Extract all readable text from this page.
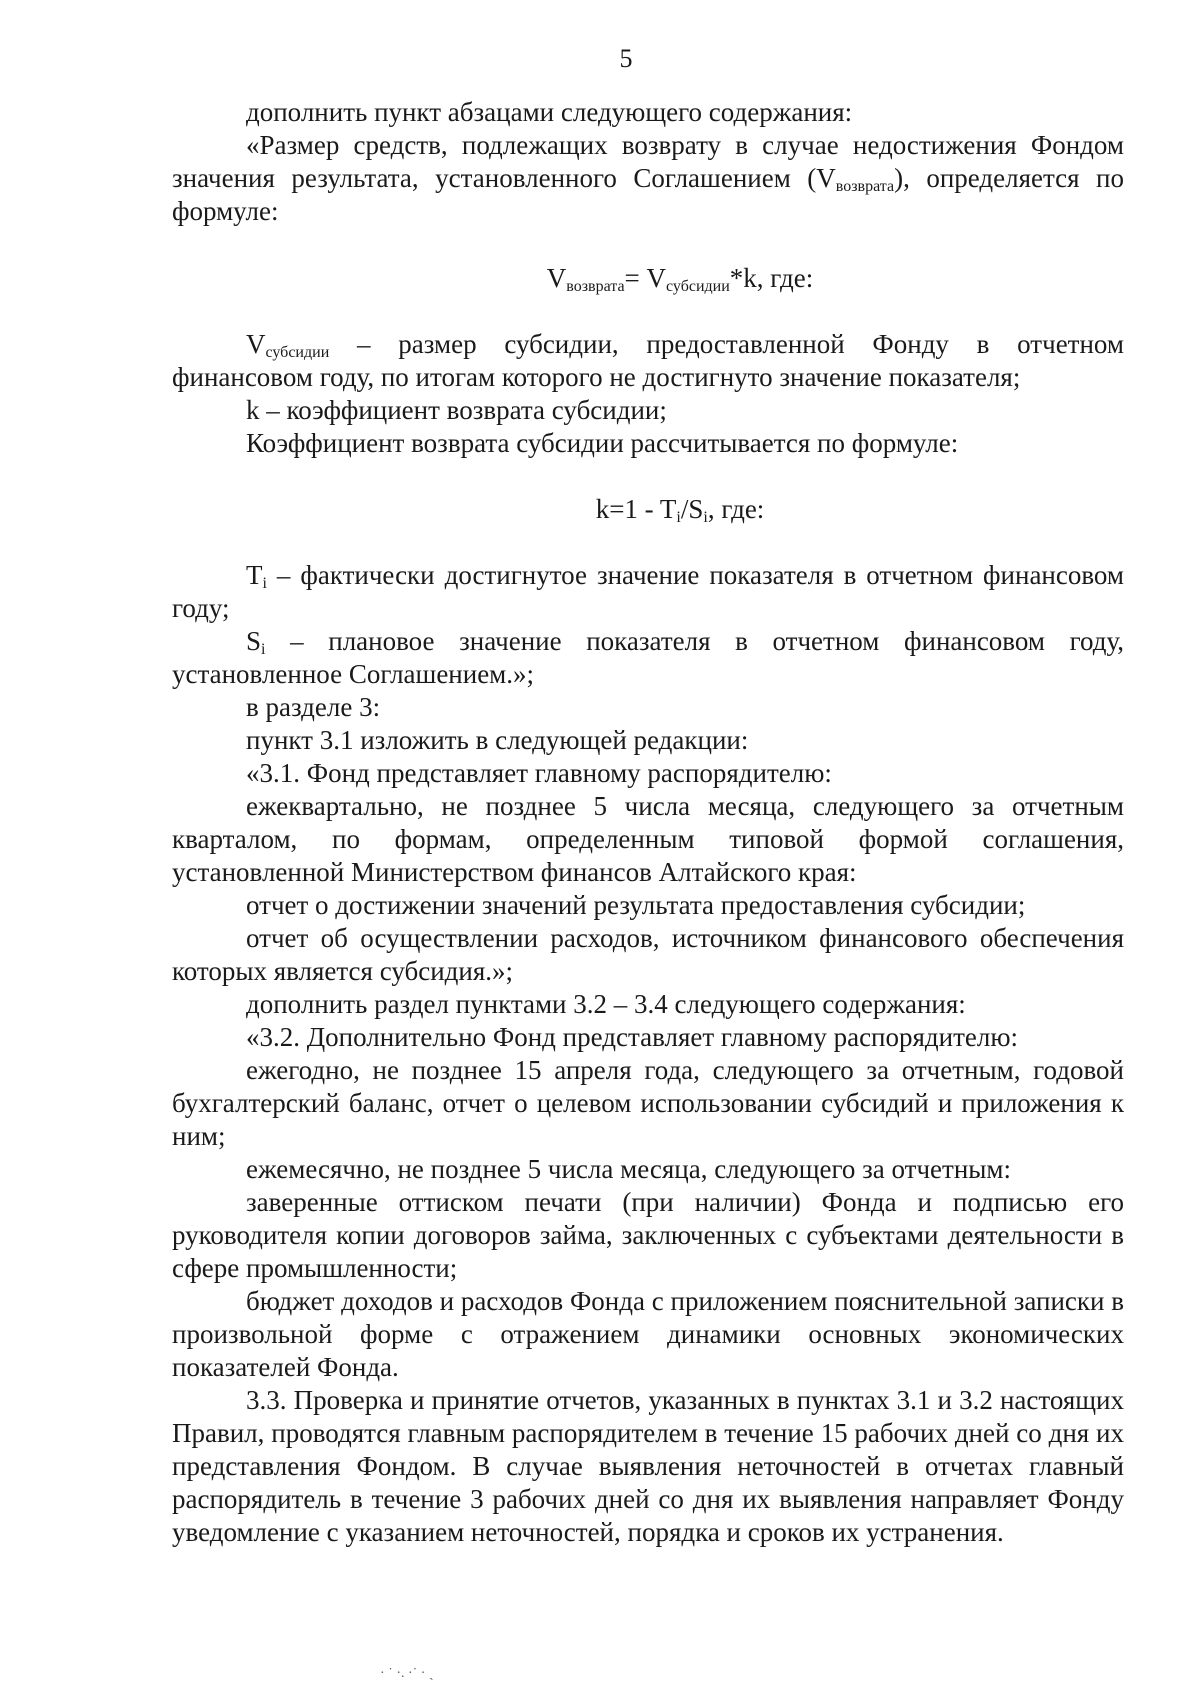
5

дополнить пункт абзацами следующего содержания:

«Размер средств, подлежащих возврату в случае недостижения Фондом значения результата, установленного Соглашением $(V_{возврата})$, определяется по формуле:

$V_{возврата}= V_{субсидии}*k$, где:

$V_{субсидии}$ – размер субсидии, предоставленной Фонду в отчетном финансовом году, по итогам которого не достигнуто значение показателя;

k – коэффициент возврата субсидии;

Коэффициент возврата субсидии рассчитывается по формуле:

$k=1 - T_i/S_i$, где:

$T_i$ – фактически достигнутое значение показателя в отчетном финансовом году;

$S_i$ – плановое значение показателя в отчетном финансовом году, установленное Соглашением.»;

в разделе 3:

пункт 3.1 изложить в следующей редакции:

«3.1. Фонд представляет главному распорядителю:

ежеквартально, не позднее 5 числа месяца, следующего за отчетным кварталом, по формам, определенным типовой формой соглашения, установленной Министерством финансов Алтайского края:

отчет о достижении значений результата предоставления субсидии;

отчет об осуществлении расходов, источником финансового обеспечения которых является субсидия.»;

дополнить раздел пунктами 3.2 – 3.4 следующего содержания:

«3.2. Дополнительно Фонд представляет главному распорядителю:

ежегодно, не позднее 15 апреля года, следующего за отчетным, годовой бухгалтерский баланс, отчет о целевом использовании субсидий и приложения к ним;

ежемесячно, не позднее 5 числа месяца, следующего за отчетным:

заверенные оттиском печати (при наличии) Фонда и подписью его руководителя копии договоров займа, заключенных с субъектами деятельности в сфере промышленности;

бюджет доходов и расходов Фонда с приложением пояснительной записки в произвольной форме с отражением динамики основных экономических показателей Фонда.

3.3. Проверка и принятие отчетов, указанных в пунктах 3.1 и 3.2 настоящих Правил, проводятся главным распорядителем в течение 15 рабочих дней со дня их представления Фондом. В случае выявления неточностей в отчетах главный распорядитель в течение 3 рабочих дней со дня их выявления направляет Фонду уведомление с указанием неточностей, порядка и сроков их устранения.

· ˙ ·. ·˙ · ˎ
